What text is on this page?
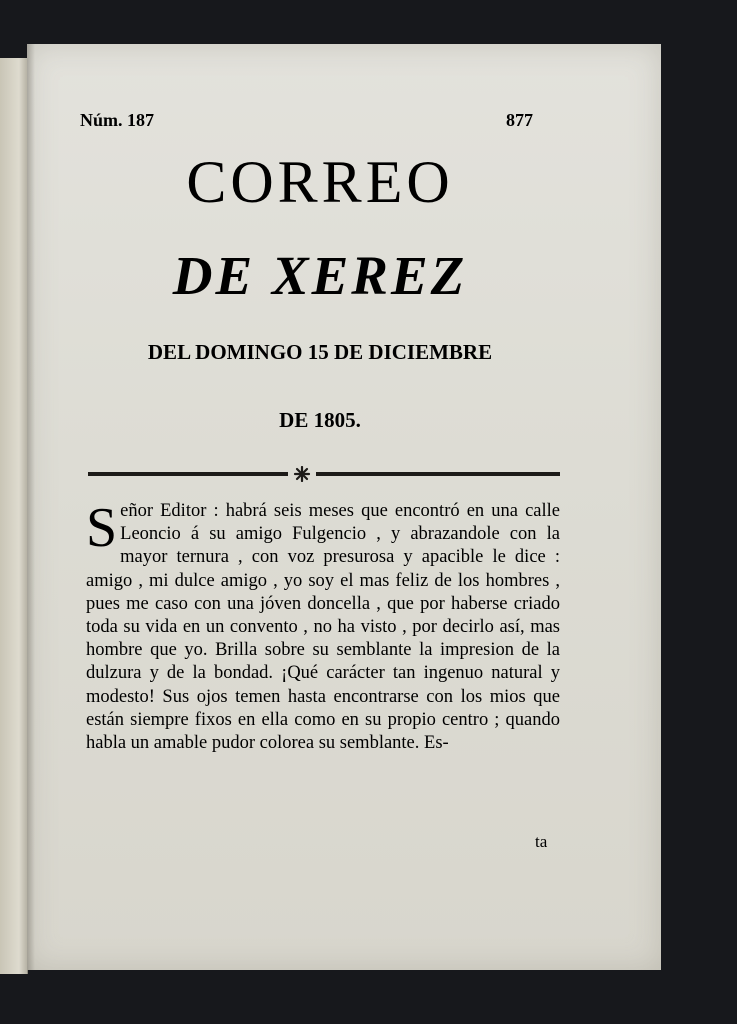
Núm. 187	877
CORREO
DE XEREZ
DEL DOMINGO 15 DE DICIEMBRE
DE 1805.
Señor Editor : habrá seis meses que encontró en una calle Leoncio á su amigo Fulgencio , y abrazandole con la mayor ternura , con voz presurosa y apacible le dice : amigo , mi dulce amigo , yo soy el mas feliz de los hombres , pues me caso con una jóven doncella , que por haberse criado toda su vida en un convento , no ha visto , por decirlo así, mas hombre que yo. Brilla sobre su semblante la impresion de la dulzura y de la bondad. ¡Qué carácter tan ingenuo natural y modesto! Sus ojos temen hasta encontrarse con los mios que están siempre fixos en ella como en su propio centro ; quando habla un amable pudor colorea su semblante. Es-
ta
